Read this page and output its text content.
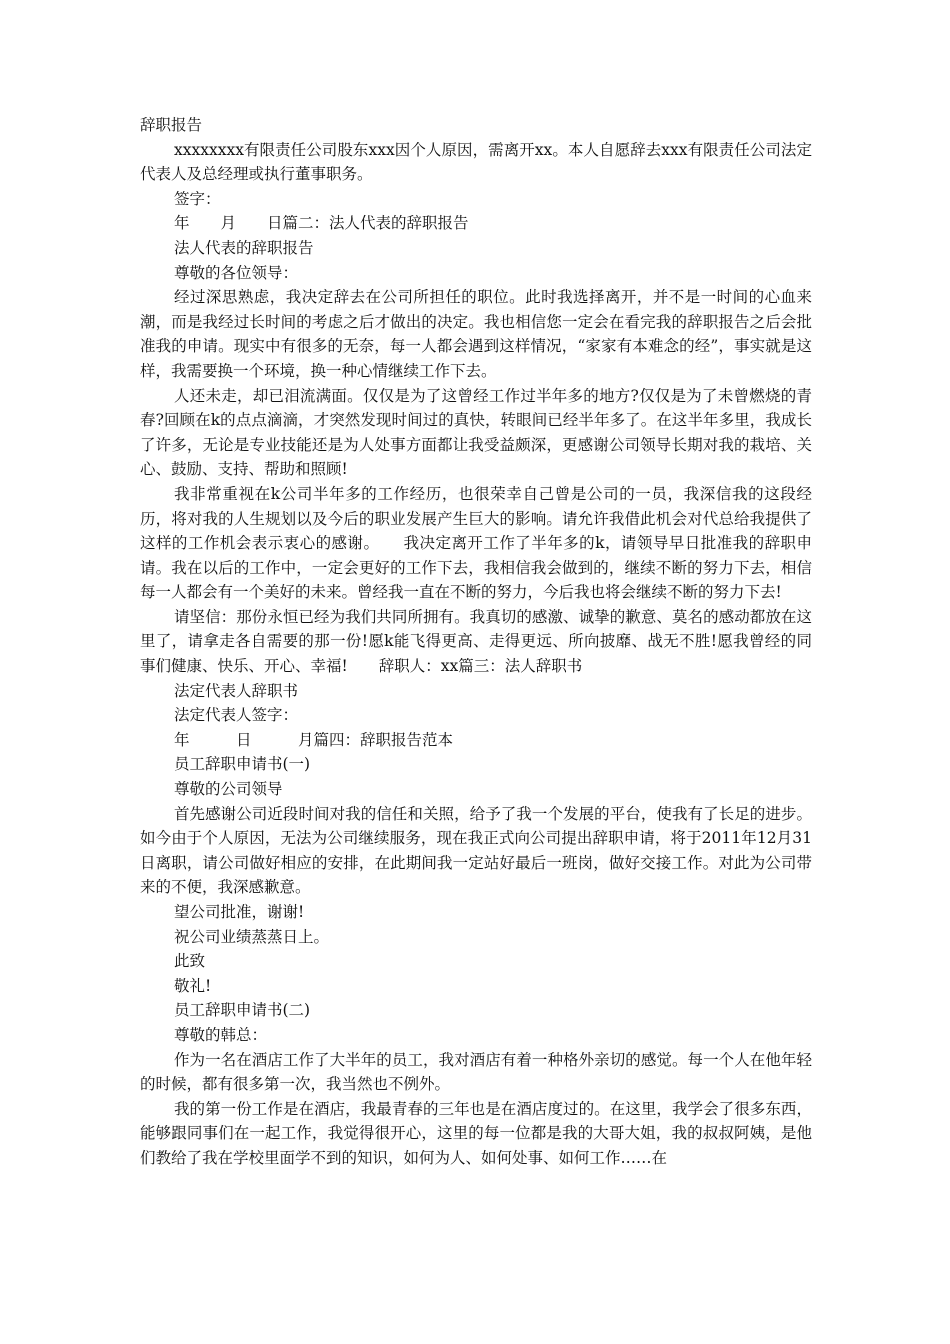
辞职报告

xxxxxxxx有限责任公司股东xxx因个人原因，需离开xx。本人自愿辞去xxx有限责任公司法定代表人及总经理或执行董事职务。

签字：

年　　月　　日篇二：法人代表的辞职报告

法人代表的辞职报告

尊敬的各位领导：

经过深思熟虑，我决定辞去在公司所担任的职位。此时我选择离开，并不是一时间的心血来潮，而是我经过长时间的考虑之后才做出的决定。我也相信您一定会在看完我的辞职报告之后会批准我的申请。现实中有很多的无奈，每一人都会遇到这样情况，“家家有本难念的经”，事实就是这样，我需要换一个环境，换一种心情继续工作下去。

人还未走，却已泪流满面。仅仅是为了这曾经工作过半年多的地方?仅仅是为了未曾燃烧的青春?回顾在k的点点滴滴，才突然发现时间过的真快，转眼间已经半年多了。在这半年多里，我成长了许多，无论是专业技能还是为人处事方面都让我受益颇深，更感谢公司领导长期对我的栽培、关心、鼓励、支持、帮助和照顾!

我非常重视在k公司半年多的工作经历，也很荣幸自己曾是公司的一员，我深信我的这段经历，将对我的人生规划以及今后的职业发展产生巨大的影响。请允许我借此机会对代总给我提供了这样的工作机会表示衷心的感谢。　　我决定离开工作了半年多的k，请领导早日批准我的辞职申请。我在以后的工作中，一定会更好的工作下去，我相信我会做到的，继续不断的努力下去，相信每一人都会有一个美好的未来。曾经我一直在不断的努力，今后我也将会继续不断的努力下去!

请坚信：那份永恒已经为我们共同所拥有。我真切的感激、诚挚的歉意、莫名的感动都放在这里了，请拿走各自需要的那一份!愿k能飞得更高、走得更远、所向披靡、战无不胜!愿我曾经的同事们健康、快乐、开心、幸福!　　辞职人：xx篇三：法人辞职书

法定代表人辞职书

法定代表人签字：

年　　　日　　　月篇四：辞职报告范本

员工辞职申请书(一)

尊敬的公司领导

首先感谢公司近段时间对我的信任和关照，给予了我一个发展的平台，使我有了长足的进步。如今由于个人原因，无法为公司继续服务，现在我正式向公司提出辞职申请，将于2011年12月31日离职，请公司做好相应的安排，在此期间我一定站好最后一班岗，做好交接工作。对此为公司带来的不便，我深感歉意。

望公司批准，谢谢!

祝公司业绩蒸蒸日上。

此致

敬礼!

员工辞职申请书(二)

尊敬的韩总：

作为一名在酒店工作了大半年的员工，我对酒店有着一种格外亲切的感觉。每一个人在他年轻的时候，都有很多第一次，我当然也不例外。

我的第一份工作是在酒店，我最青春的三年也是在酒店度过的。在这里，我学会了很多东西，能够跟同事们在一起工作，我觉得很开心，这里的每一位都是我的大哥大姐，我的叔叔阿姨，是他们教给了我在学校里面学不到的知识，如何为人、如何处事、如何工作……在
